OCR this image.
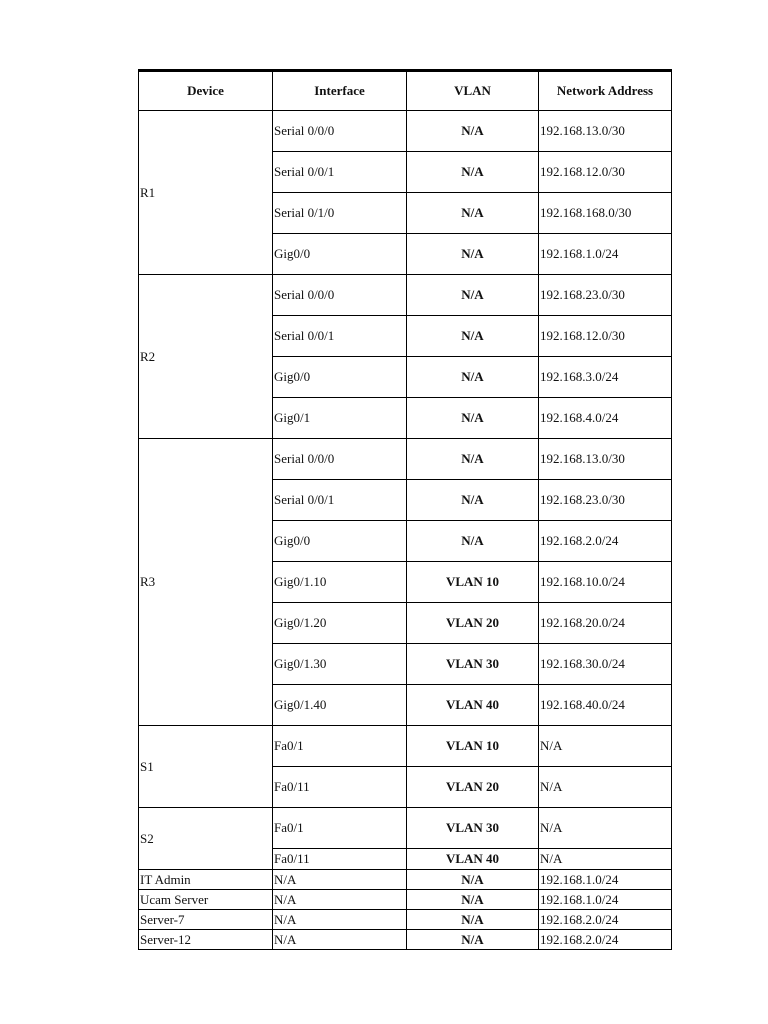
Device	Interface	VLAN	Network Address
R1	Serial 0/0/0	N/A	192.168.13.0/30
	Serial 0/0/1	N/A	192.168.12.0/30
	Serial 0/1/0	N/A	192.168.168.0/30
	Gig0/0	N/A	192.168.1.0/24
R2	Serial 0/0/0	N/A	192.168.23.0/30
	Serial 0/0/1	N/A	192.168.12.0/30
	Gig0/0	N/A	192.168.3.0/24
	Gig0/1	N/A	192.168.4.0/24
R3	Serial 0/0/0	N/A	192.168.13.0/30
	Serial 0/0/1	N/A	192.168.23.0/30
	Gig0/0	N/A	192.168.2.0/24
	Gig0/1.10	VLAN 10	192.168.10.0/24
	Gig0/1.20	VLAN 20	192.168.20.0/24
	Gig0/1.30	VLAN 30	192.168.30.0/24
	Gig0/1.40	VLAN 40	192.168.40.0/24
S1	Fa0/1	VLAN 10	N/A
	Fa0/11	VLAN 20	N/A
S2	Fa0/1	VLAN 30	N/A
	Fa0/11	VLAN 40	N/A
IT Admin	N/A	N/A	192.168.1.0/24
Ucam Server	N/A	N/A	192.168.1.0/24
Server-7	N/A	N/A	192.168.2.0/24
Server-12	N/A	N/A	192.168.2.0/24
